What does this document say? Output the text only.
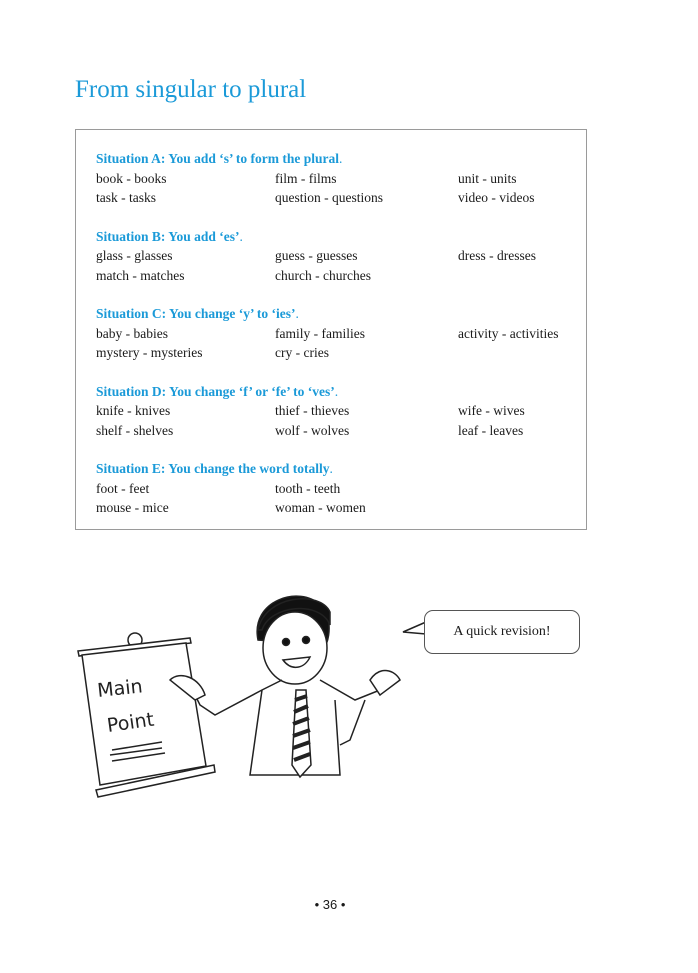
From singular to plural
Situation A: You add ‘s’ to form the plural.
book - books	film - films	unit - units
task - tasks	question - questions	video - videos
Situation B: You add ‘es’.
glass - glasses	guess - guesses	dress - dresses
match - matches	church - churches
Situation C: You change ‘y’ to ‘ies’.
baby - babies	family - families	activity - activities
mystery - mysteries	cry - cries
Situation D: You change ‘f’ or ‘fe’ to ‘ves’.
knife - knives	thief - thieves	wife - wives
shelf - shelves	wolf - wolves	leaf - leaves
Situation E: You change the word totally.
foot - feet	tooth - teeth
mouse - mice	woman - women
Main
Point
A quick revision!
• 36 •
